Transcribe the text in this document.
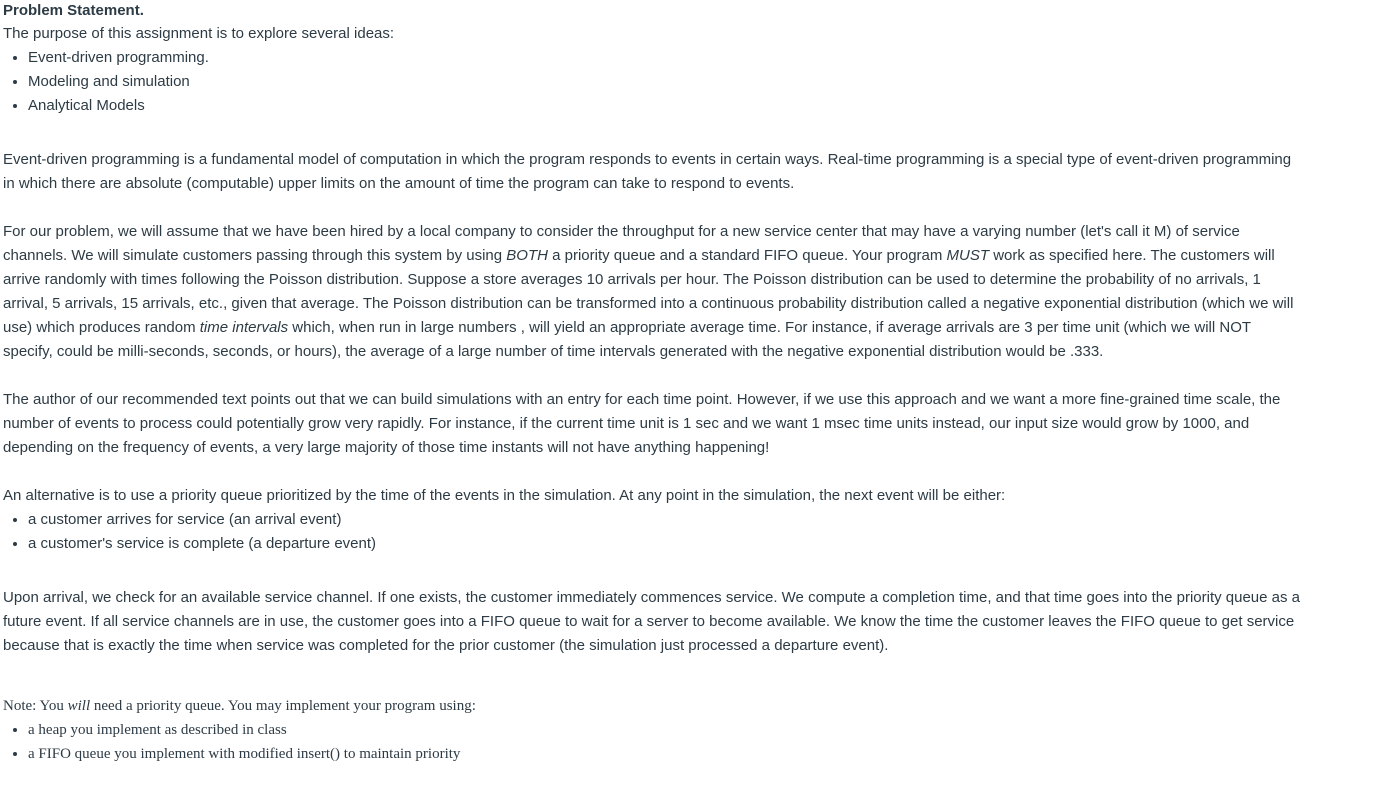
Problem Statement.

The purpose of this assignment is to explore several ideas:

• Event-driven programming.
• Modeling and simulation
• Analytical Models

Event-driven programming is a fundamental model of computation in which the program responds to events in certain ways. Real-time programming is a special type of event-driven programming in which there are absolute (computable) upper limits on the amount of time the program can take to respond to events.

For our problem, we will assume that we have been hired by a local company to consider the throughput for a new service center that may have a varying number (let's call it M) of service channels. We will simulate customers passing through this system by using BOTH a priority queue and a standard FIFO queue. Your program MUST work as specified here. The customers will arrive randomly with times following the Poisson distribution. Suppose a store averages 10 arrivals per hour. The Poisson distribution can be used to determine the probability of no arrivals, 1 arrival, 5 arrivals, 15 arrivals, etc., given that average. The Poisson distribution can be transformed into a continuous probability distribution called a negative exponential distribution (which we will use) which produces random time intervals which, when run in large numbers , will yield an appropriate average time. For instance, if average arrivals are 3 per time unit (which we will NOT specify, could be milli-seconds, seconds, or hours), the average of a large number of time intervals generated with the negative exponential distribution would be .333.

The author of our recommended text points out that we can build simulations with an entry for each time point. However, if we use this approach and we want a more fine-grained time scale, the number of events to process could potentially grow very rapidly. For instance, if the current time unit is 1 sec and we want 1 msec time units instead, our input size would grow by 1000, and depending on the frequency of events, a very large majority of those time instants will not have anything happening!

An alternative is to use a priority queue prioritized by the time of the events in the simulation. At any point in the simulation, the next event will be either:

• a customer arrives for service (an arrival event)
• a customer's service is complete (a departure event)

Upon arrival, we check for an available service channel. If one exists, the customer immediately commences service. We compute a completion time, and that time goes into the priority queue as a future event. If all service channels are in use, the customer goes into a FIFO queue to wait for a server to become available. We know the time the customer leaves the FIFO queue to get service because that is exactly the time when service was completed for the prior customer (the simulation just processed a departure event).

Note: You will need a priority queue. You may implement your program using:

• a heap you implement as described in class
• a FIFO queue you implement with modified insert() to maintain priority
